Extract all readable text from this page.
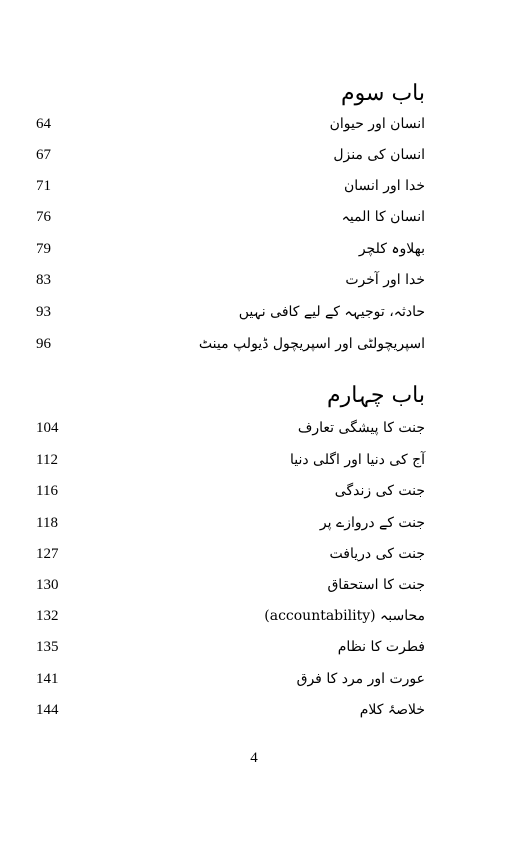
باب سوم
64	انسان اور حیوان
67	انسان کی منزل
71	خدا اور انسان
76	انسان کا المیہ
79	بھلاوہ کلچر
83	خدا اور آخرت
93	حادثہ، توجیہہ کے لیے کافی نہیں
96	اسپریچولٹی اور اسپریچول ڈیولپ مینٹ
باب چہارم
104	جنت کا پیشگی تعارف
112	آج کی دنیا اور اگلی دنیا
116	جنت کی زندگی
118	جنت کے دروازے پر
127	جنت کی دریافت
130	جنت کا استحقاق
132	محاسبہ (accountability)
135	فطرت کا نظام
141	عورت اور مرد کا فرق
144	خلاصۂ کلام
4
